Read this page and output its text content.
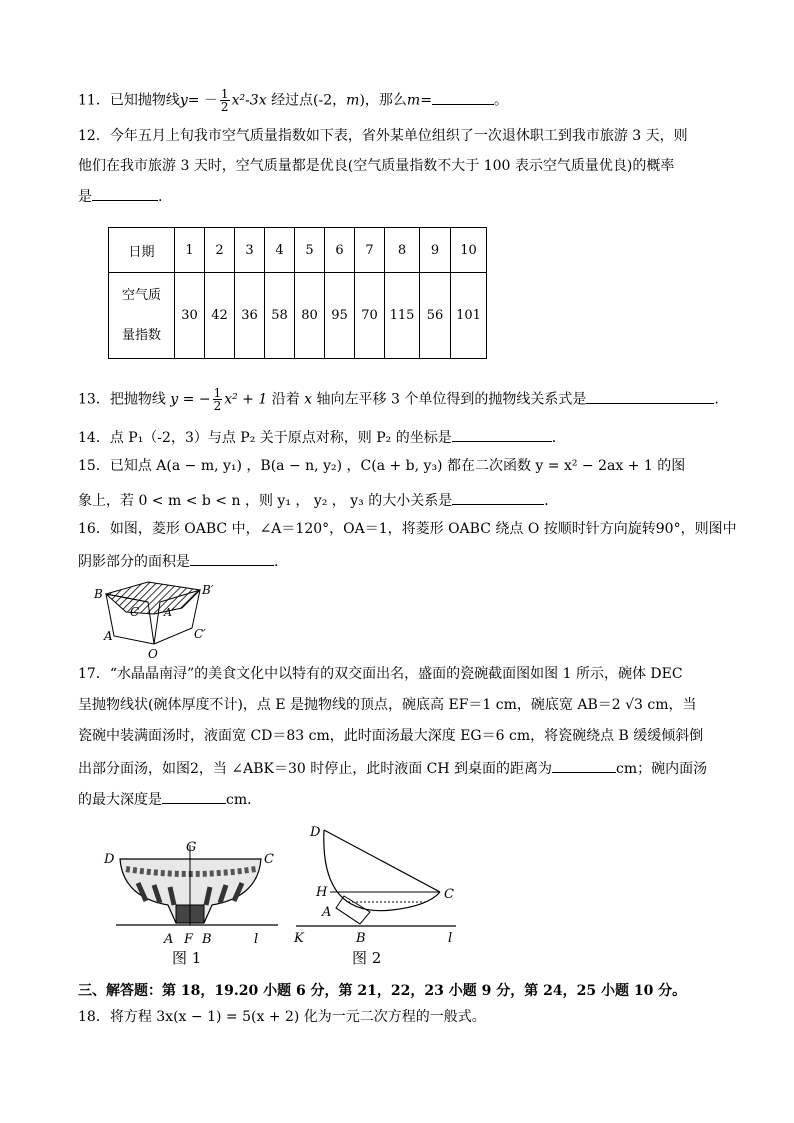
11．已知抛物线$y= - \frac{1}{2} x^2-3x$ 经过点(-2，m)，那么m=	。
12．今年五月上旬我市空气质量指数如下表，省外某单位组织了一次退休职工到我市旅游 3 天，则
他们在我市旅游 3 天时，空气质量都是优良(空气质量指数不大于 100 表示空气质量优良)的概率
是	.
日期	1	2	3	4	5	6	7	8	9	10
空气质
量指数	30	42	36	58	80	95	70	115	56	101
13．把抛物线 y = − $\frac{1}{2} x^2 + 1$ 沿着 x 轴向左平移 3 个单位得到的抛物线关系式是	.
14．点 P₁（-2，3）与点 P₂ 关于原点对称，则 P₂ 的坐标是	．
15．已知点 A(a − m, y₁) ，B(a − n, y₂) ，C(a + b, y₃) 都在二次函数 y = x² − 2ax + 1 的图
象上，若 0 < m < b < n ，则 y₁ ， y₂ ， y₃ 的大小关系是	．
16．如图，菱形 OABC 中，∠A＝120°，OA＝1，将菱形 OABC 绕点 O 按顺时针方向旋转90°，则图中
阴影部分的面积是	.
B	B′
C A′
A	C′
O
17．“水晶晶南浔”的美食文化中以特有的双交面出名，盛面的瓷碗截面图如图 1 所示，碗体 DEC
呈抛物线状(碗体厚度不计)，点 E 是抛物线的顶点，碗底高 EF＝1 cm，碗底宽 AB＝2 √3 cm，当
瓷碗中装满面汤时，液面宽 CD＝83 cm，此时面汤最大深度 EG＝6 cm，将瓷碗绕点 B 缓缓倾斜倒
出部分面汤，如图2，当 ∠ABK＝30 时停止，此时液面 CH 到桌面的距离为	cm；碗内面汤
的最大深度是	cm．
D
G
C
A F B	l
图 1
D
H	C
A
K	B	l
图 2
三、解答题：第 18，19.20 小题 6 分，第 21，22，23 小题 9 分，第 24，25 小题 10 分。
18．将方程 3x(x − 1) = 5(x + 2) 化为一元二次方程的一般式。
